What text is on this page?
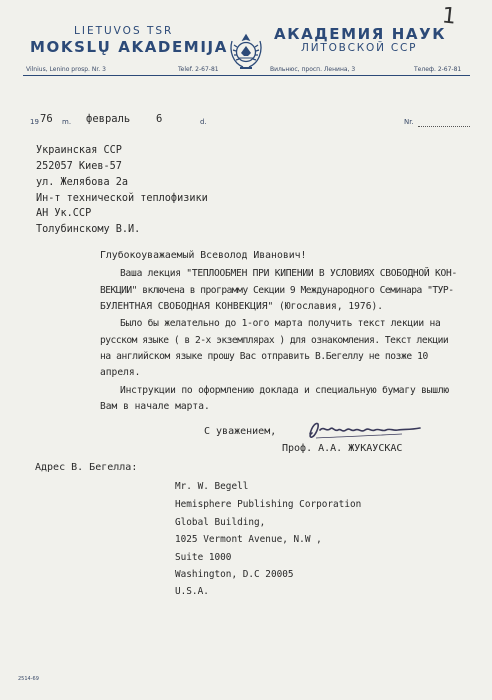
LIETUVOS TSR
MOKSLŲ AKADEMIJA
АКАДЕМИЯ НАУК
ЛИТОВСКОЙ ССР
Vilnius, Lenino prosp. Nr. 3	Telef. 2-67-81	Вильнюс, просп. Ленина, 3	Телеф. 2-67-81
1
19 76 m. февраль 6	d.	Nr.
Украинская ССР
252057 Киев-57
ул. Желябова 2а
Ин-т технической теплофизики
АН Ук.ССР
Толубинскому В.И.
Глубокоуважаемый Всеволод Иванович!
Ваша лекция "ТЕПЛООБМЕН ПРИ КИПЕНИИ В УСЛОВИЯХ СВОБОДНОЙ КОН-
ВЕКЦИИ" включена в программу Секции 9 Международного Семинара "ТУР-
БУЛЕНТНАЯ СВОБОДНАЯ КОНВЕКЦИЯ" (Югославия, 1976).
Было бы желательно до 1-ого марта получить текст лекции на
русском языке ( в 2-х экземплярах ) для ознакомления. Текст лекции
на английском языке прошу Вас отправить В.Бегеллу не позже 10
апреля.
Инструкции по оформлению доклада и специальную бумагу вышлю
Вам в начале марта.
С уважением,
Проф. А.А. ЖУКАУСКАС
Адрес В. Бегелла:
Mr. W. Begell
Hemisphere Publishing Corporation
Global Building,
1025 Vermont Avenue, N.W ,
Suite 1000
Washington, D.C 20005
U.S.A.
2514-69
